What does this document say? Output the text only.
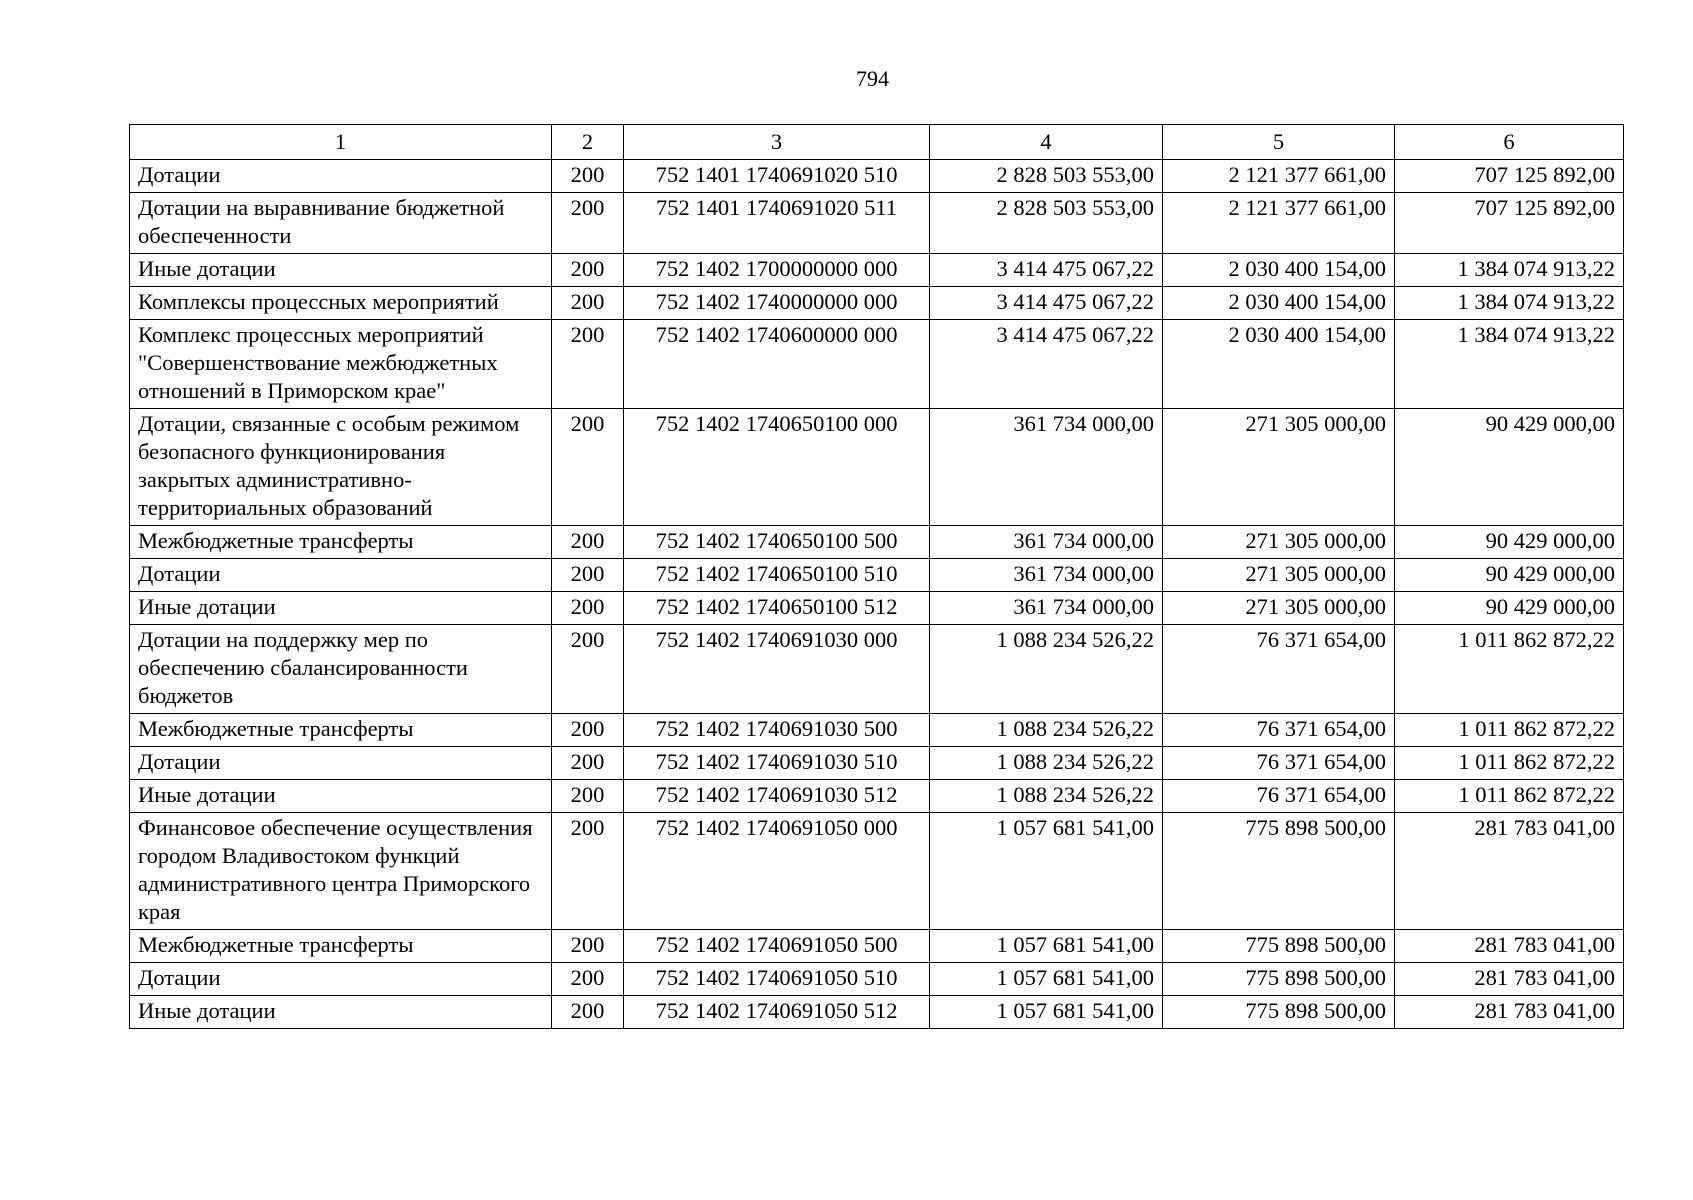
794
1	2	3	4	5	6
Дотации	200	752 1401 1740691020 510	2 828 503 553,00	2 121 377 661,00	707 125 892,00
Дотации на выравнивание бюджетной обеспеченности	200	752 1401 1740691020 511	2 828 503 553,00	2 121 377 661,00	707 125 892,00
Иные дотации	200	752 1402 1700000000 000	3 414 475 067,22	2 030 400 154,00	1 384 074 913,22
Комплексы процессных мероприятий	200	752 1402 1740000000 000	3 414 475 067,22	2 030 400 154,00	1 384 074 913,22
Комплекс процессных мероприятий "Совершенствование межбюджетных отношений в Приморском крае"	200	752 1402 1740600000 000	3 414 475 067,22	2 030 400 154,00	1 384 074 913,22
Дотации, связанные с особым режимом безопасного функционирования закрытых административно-территориальных образований	200	752 1402 1740650100 000	361 734 000,00	271 305 000,00	90 429 000,00
Межбюджетные трансферты	200	752 1402 1740650100 500	361 734 000,00	271 305 000,00	90 429 000,00
Дотации	200	752 1402 1740650100 510	361 734 000,00	271 305 000,00	90 429 000,00
Иные дотации	200	752 1402 1740650100 512	361 734 000,00	271 305 000,00	90 429 000,00
Дотации на поддержку мер по обеспечению сбалансированности бюджетов	200	752 1402 1740691030 000	1 088 234 526,22	76 371 654,00	1 011 862 872,22
Межбюджетные трансферты	200	752 1402 1740691030 500	1 088 234 526,22	76 371 654,00	1 011 862 872,22
Дотации	200	752 1402 1740691030 510	1 088 234 526,22	76 371 654,00	1 011 862 872,22
Иные дотации	200	752 1402 1740691030 512	1 088 234 526,22	76 371 654,00	1 011 862 872,22
Финансовое обеспечение осуществления городом Владивостоком функций административного центра Приморского края	200	752 1402 1740691050 000	1 057 681 541,00	775 898 500,00	281 783 041,00
Межбюджетные трансферты	200	752 1402 1740691050 500	1 057 681 541,00	775 898 500,00	281 783 041,00
Дотации	200	752 1402 1740691050 510	1 057 681 541,00	775 898 500,00	281 783 041,00
Иные дотации	200	752 1402 1740691050 512	1 057 681 541,00	775 898 500,00	281 783 041,00
